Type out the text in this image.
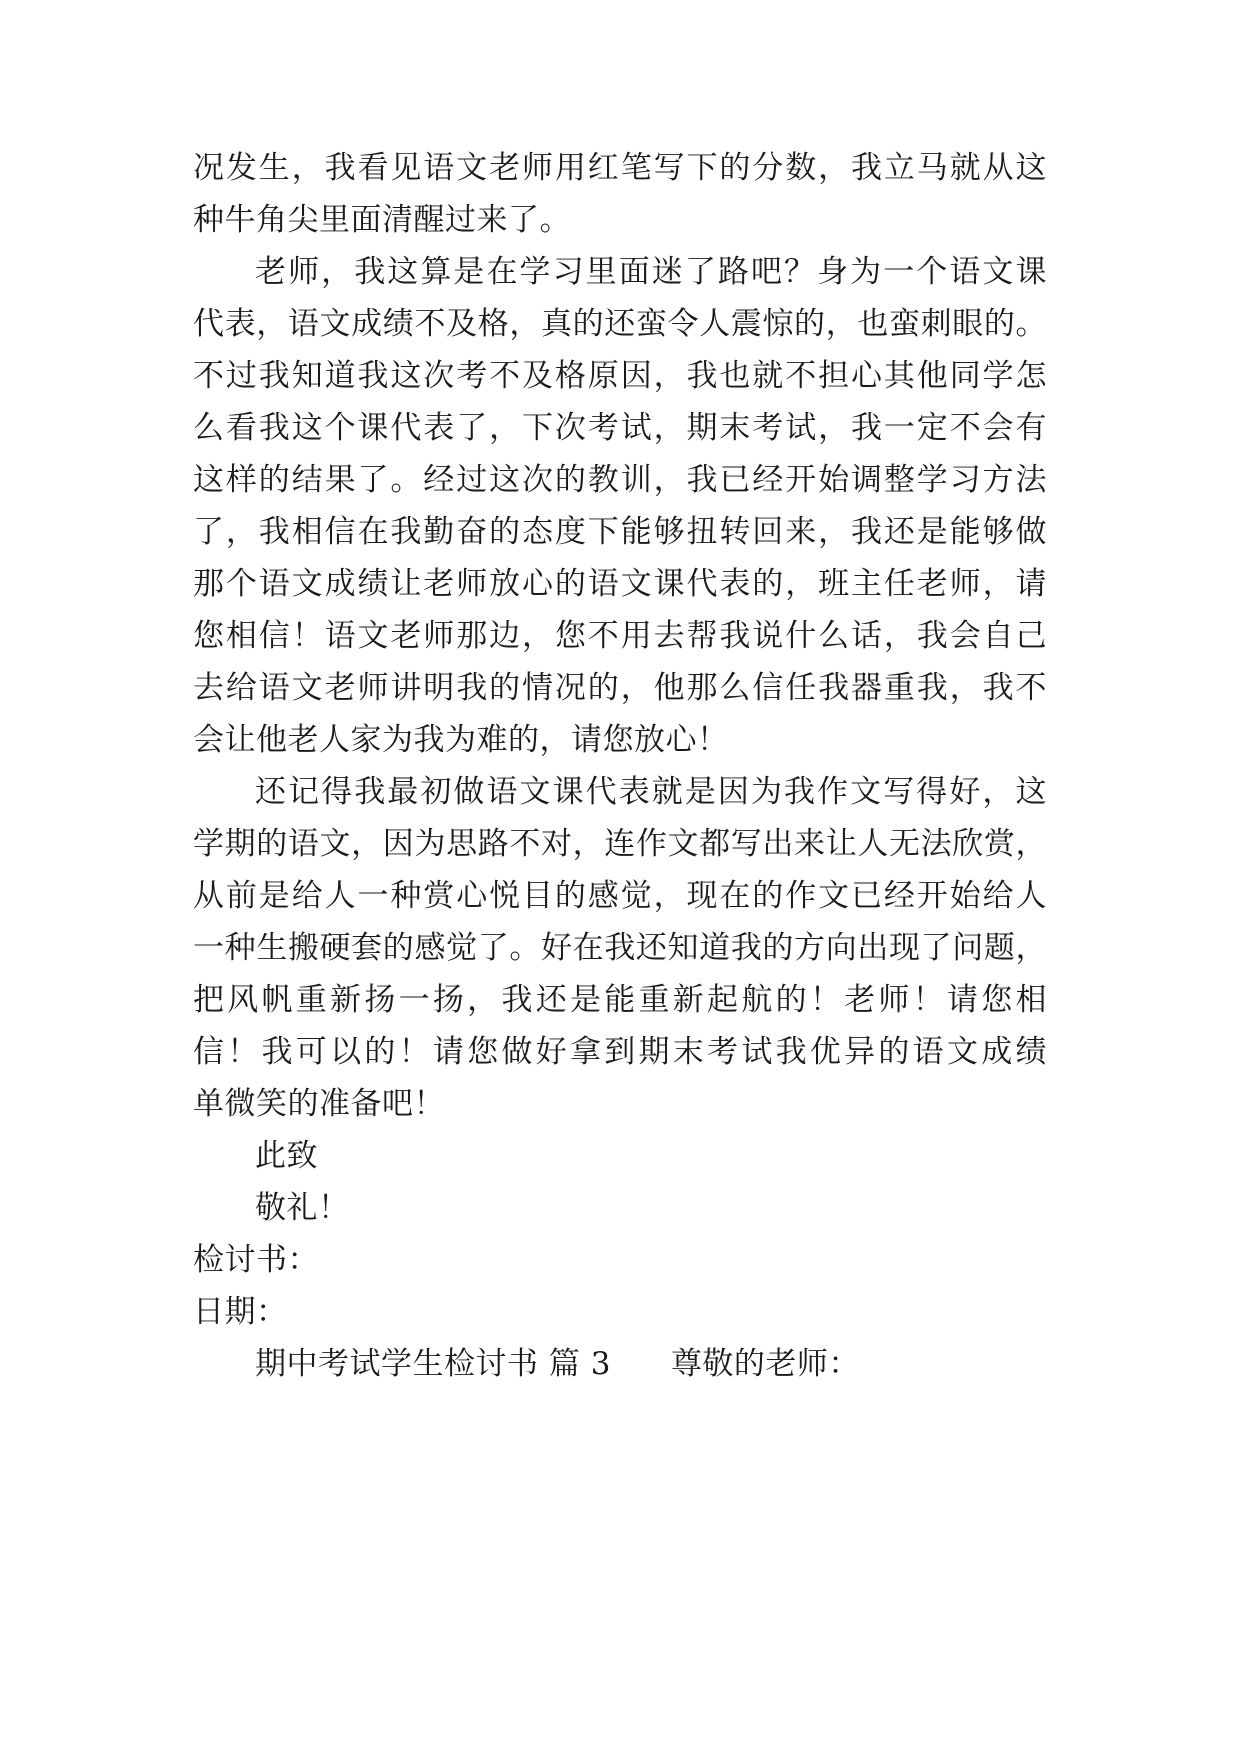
况发生，我看见语文老师用红笔写下的分数，我立马就从这
种牛角尖里面清醒过来了。
老师，我这算是在学习里面迷了路吧？身为一个语文课
代表，语文成绩不及格，真的还蛮令人震惊的，也蛮刺眼的。
不过我知道我这次考不及格原因，我也就不担心其他同学怎
么看我这个课代表了，下次考试，期末考试，我一定不会有
这样的结果了。经过这次的教训，我已经开始调整学习方法
了，我相信在我勤奋的态度下能够扭转回来，我还是能够做
那个语文成绩让老师放心的语文课代表的，班主任老师，请
您相信！语文老师那边，您不用去帮我说什么话，我会自己
去给语文老师讲明我的情况的，他那么信任我器重我，我不
会让他老人家为我为难的，请您放心！
还记得我最初做语文课代表就是因为我作文写得好，这
学期的语文，因为思路不对，连作文都写出来让人无法欣赏，
从前是给人一种赏心悦目的感觉，现在的作文已经开始给人
一种生搬硬套的感觉了。好在我还知道我的方向出现了问题，
把风帆重新扬一扬，我还是能重新起航的！老师！请您相
信！我可以的！请您做好拿到期末考试我优异的语文成绩
单微笑的准备吧！
此致
敬礼！
检讨书：
日期：
期中考试学生检讨书 篇 3 尊敬的老师：
